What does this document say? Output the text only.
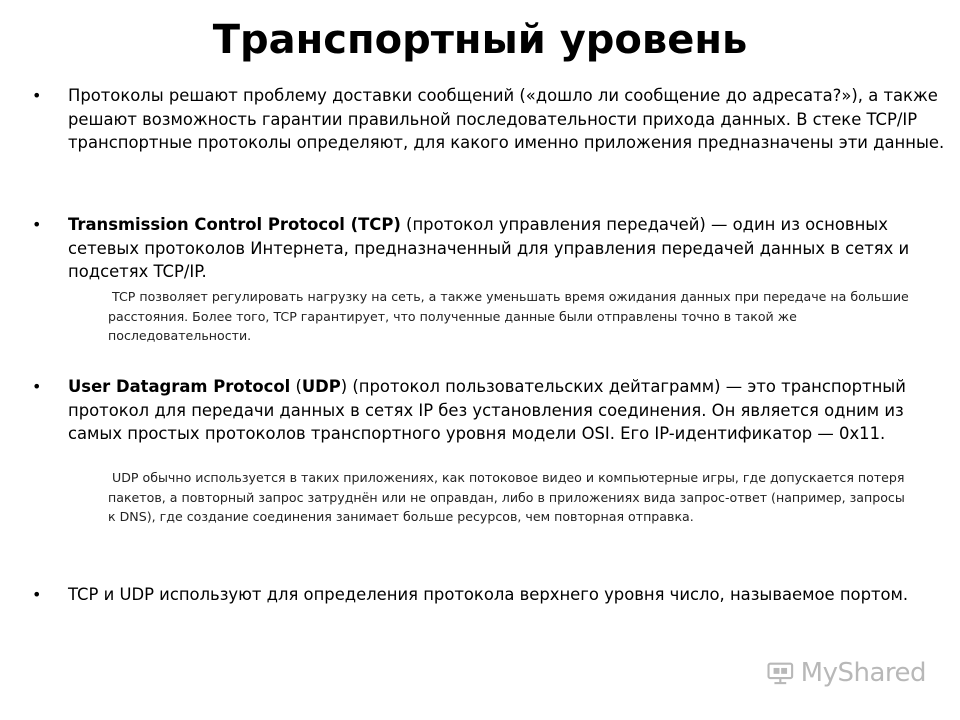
Транспортный уровень

• Протоколы решают проблему доставки сообщений («дошло ли сообщение до адресата?»), а также решают возможность гарантии правильной последовательности прихода данных. В стеке TCP/IP транспортные протоколы определяют, для какого именно приложения предназначены эти данные.

• Transmission Control Protocol (TCP) (протокол управления передачей) — один из основных сетевых протоколов Интернета, предназначенный для управления передачей данных в сетях и подсетях TCP/IP.

TCP позволяет регулировать нагрузку на сеть, а также уменьшать время ожидания данных при передаче на большие расстояния. Более того, TCP гарантирует, что полученные данные были отправлены точно в такой же последовательности.

• User Datagram Protocol (UDP) (протокол пользовательских дейтаграмм) — это транспортный протокол для передачи данных в сетях IP без установления соединения. Он является одним из самых простых протоколов транспортного уровня модели OSI. Его IP-идентификатор — 0x11.

UDP обычно используется в таких приложениях, как потоковое видео и компьютерные игры, где допускается потеря пакетов, а повторный запрос затруднён или не оправдан, либо в приложениях вида запрос-ответ (например, запросы к DNS), где создание соединения занимает больше ресурсов, чем повторная отправка.

• TCP и UDP используют для определения протокола верхнего уровня число, называемое портом.

MyShared
